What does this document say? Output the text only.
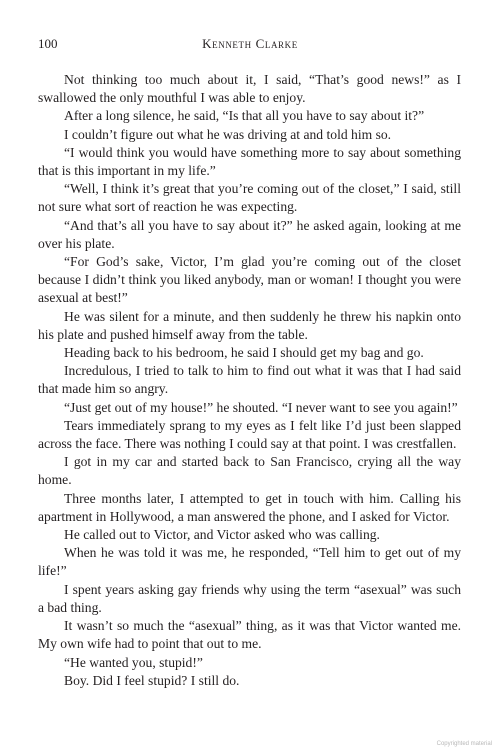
100	Kenneth Clarke

Not thinking too much about it, I said, “That’s good news!” as I swallowed the only mouthful I was able to enjoy.

After a long silence, he said, “Is that all you have to say about it?”

I couldn’t figure out what he was driving at and told him so.

“I would think you would have something more to say about something that is this important in my life.”

“Well, I think it’s great that you’re coming out of the closet,” I said, still not sure what sort of reaction he was expecting.

“And that’s all you have to say about it?” he asked again, looking at me over his plate.

“For God’s sake, Victor, I’m glad you’re coming out of the closet because I didn’t think you liked anybody, man or woman! I thought you were asexual at best!”

He was silent for a minute, and then suddenly he threw his napkin onto his plate and pushed himself away from the table.

Heading back to his bedroom, he said I should get my bag and go.

Incredulous, I tried to talk to him to find out what it was that I had said that made him so angry.

“Just get out of my house!” he shouted. “I never want to see you again!”

Tears immediately sprang to my eyes as I felt like I’d just been slapped across the face. There was nothing I could say at that point. I was crestfallen.

I got in my car and started back to San Francisco, crying all the way home.

Three months later, I attempted to get in touch with him. Calling his apartment in Hollywood, a man answered the phone, and I asked for Victor.

He called out to Victor, and Victor asked who was calling.

When he was told it was me, he responded, “Tell him to get out of my life!”

I spent years asking gay friends why using the term “asexual” was such a bad thing.

It wasn’t so much the “asexual” thing, as it was that Victor wanted me. My own wife had to point that out to me.

“He wanted you, stupid!”

Boy. Did I feel stupid? I still do.

Copyrighted material
